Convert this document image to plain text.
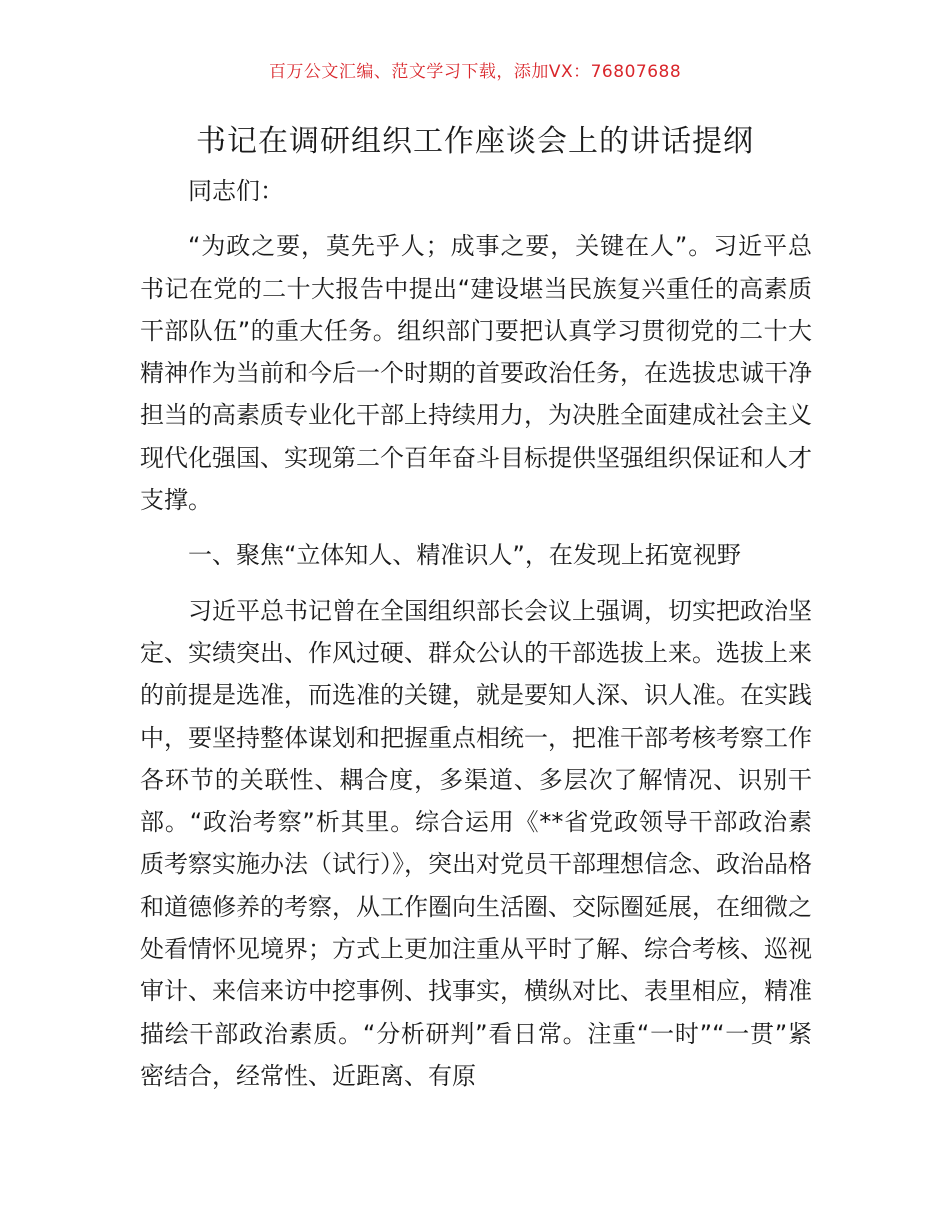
百万公文汇编、范文学习下载，添加VX：76807688
书记在调研组织工作座谈会上的讲话提纲

同志们：

“为政之要，莫先乎人；成事之要，关键在人”。习近平总书记在党的二十大报告中提出“建设堪当民族复兴重任的高素质干部队伍”的重大任务。组织部门要把认真学习贯彻党的二十大精神作为当前和今后一个时期的首要政治任务，在选拔忠诚干净担当的高素质专业化干部上持续用力，为决胜全面建成社会主义现代化强国、实现第二个百年奋斗目标提供坚强组织保证和人才支撑。

一、聚焦“立体知人、精准识人”，在发现上拓宽视野

习近平总书记曾在全国组织部长会议上强调，切实把政治坚定、实绩突出、作风过硬、群众公认的干部选拔上来。选拔上来的前提是选准，而选准的关键，就是要知人深、识人准。在实践中，要坚持整体谋划和把握重点相统一，把准干部考核考察工作各环节的关联性、耦合度，多渠道、多层次了解情况、识别干部。“政治考察”析其里。综合运用《**省党政领导干部政治素质考察实施办法（试行）》，突出对党员干部理想信念、政治品格和道德修养的考察，从工作圈向生活圈、交际圈延展，在细微之处看情怀见境界；方式上更加注重从平时了解、综合考核、巡视审计、来信来访中挖事例、找事实，横纵对比、表里相应，精准描绘干部政治素质。“分析研判”看日常。注重“一时”“一贯”紧密结合，经常性、近距离、有原
